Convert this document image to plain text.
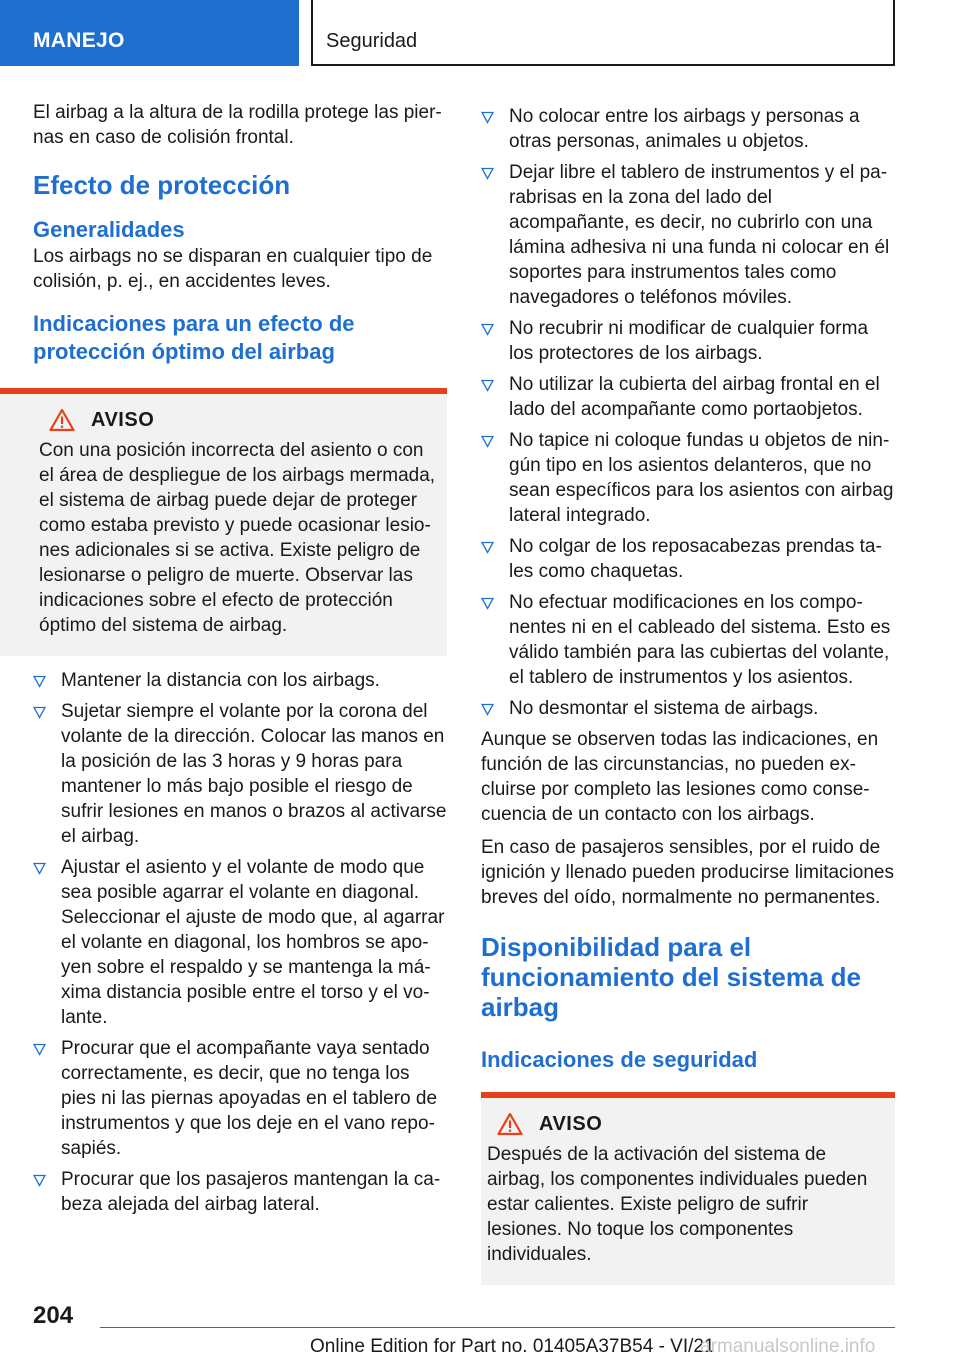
MANEJO	Seguridad

El airbag a la altura de la rodilla protege las piernas en caso de colisión frontal.

Efecto de protección
Generalidades

Los airbags no se disparan en cualquier tipo de colisión, p. ej., en accidentes leves.

Indicaciones para un efecto de protección óptimo del airbag
AVISO

Con una posición incorrecta del asiento o con el área de despliegue de los airbags mermada, el sistema de airbag puede dejar de proteger como estaba previsto y puede ocasionar lesiones adicionales si se activa. Existe peligro de lesionarse o peligro de muerte. Observar las indicaciones sobre el efecto de protección óptimo del sistema de airbag.

Mantener la distancia con los airbags.
Sujetar siempre el volante por la corona del volante de la dirección. Colocar las manos en la posición de las 3 horas y 9 horas para mantener lo más bajo posible el riesgo de sufrir lesiones en manos o brazos al activarse el airbag.
Ajustar el asiento y el volante de modo que sea posible agarrar el volante en diagonal. Seleccionar el ajuste de modo que, al agarrar el volante en diagonal, los hombros se apoyen sobre el respaldo y se mantenga la máxima distancia posible entre el torso y el volante.
Procurar que el acompañante vaya sentado correctamente, es decir, que no tenga los pies ni las piernas apoyadas en el tablero de instrumentos y que los deje en el vano reposapiés.
Procurar que los pasajeros mantengan la cabeza alejada del airbag lateral.
No colocar entre los airbags y personas a otras personas, animales u objetos.
Dejar libre el tablero de instrumentos y el parabrisas en la zona del lado del acompañante, es decir, no cubrirlo con una lámina adhesiva ni una funda ni colocar en él soportes para instrumentos tales como navegadores o teléfonos móviles.
No recubrir ni modificar de cualquier forma los protectores de los airbags.
No utilizar la cubierta del airbag frontal en el lado del acompañante como portaobjetos.
No tapice ni coloque fundas u objetos de ningún tipo en los asientos delanteros, que no sean específicos para los asientos con airbag lateral integrado.
No colgar de los reposacabezas prendas tales como chaquetas.
No efectuar modificaciones en los componentes ni en el cableado del sistema. Esto es válido también para las cubiertas del volante, el tablero de instrumentos y los asientos.
No desmontar el sistema de airbags.

Aunque se observen todas las indicaciones, en función de las circunstancias, no pueden excluirse por completo las lesiones como consecuencia de un contacto con los airbags.

En caso de pasajeros sensibles, por el ruido de ignición y llenado pueden producirse limitaciones breves del oído, normalmente no permanentes.

Disponibilidad para el funcionamiento del sistema de airbag
Indicaciones de seguridad
AVISO

Después de la activación del sistema de airbag, los componentes individuales pueden estar calientes. Existe peligro de sufrir lesiones. No toque los componentes individuales.

204
Online Edition for Part no. 01405A37B54 - VI/21
armanualsonline.info
